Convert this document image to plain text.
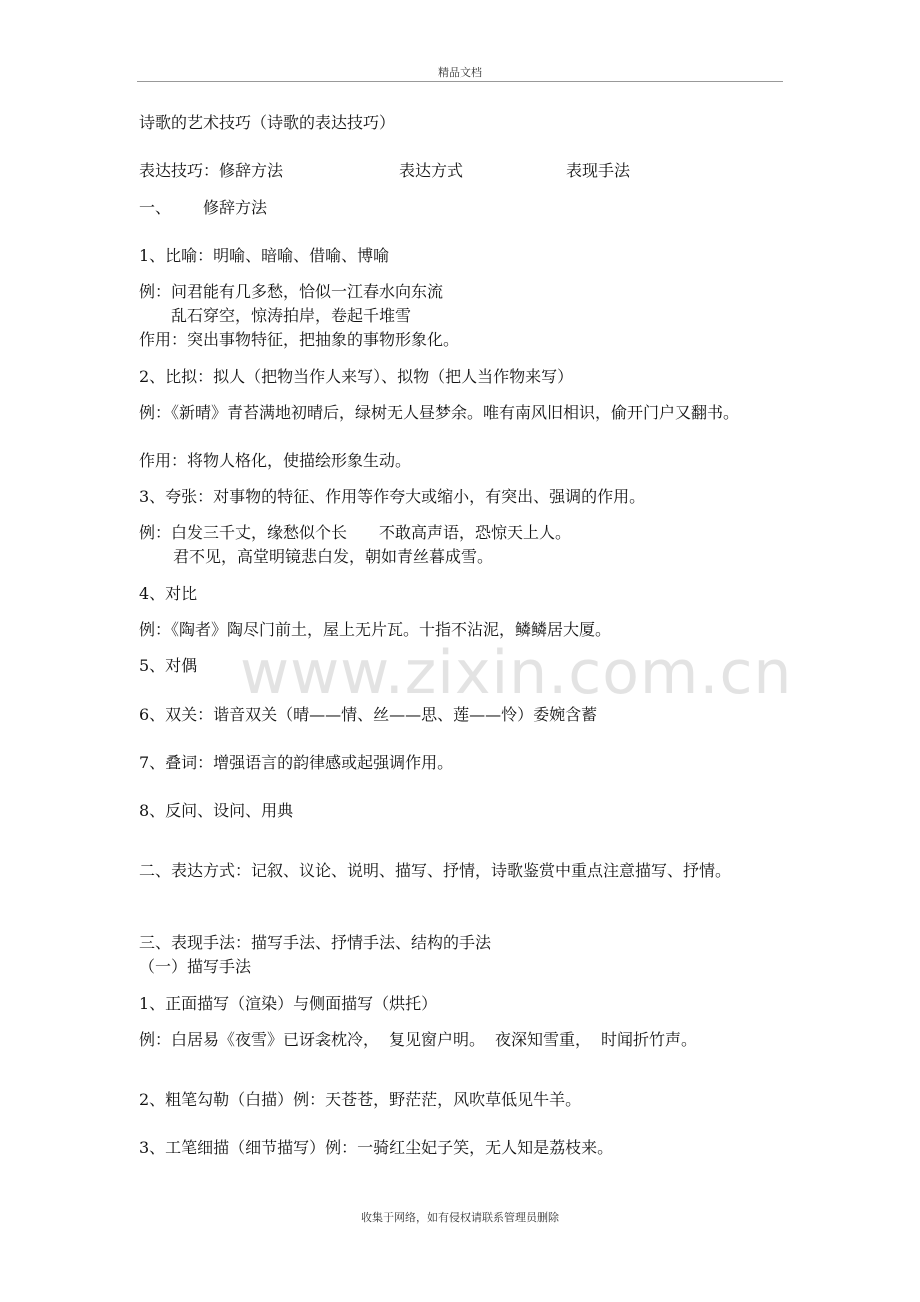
精品文档
www.zixin.com.cn
诗歌的艺术技巧（诗歌的表达技巧）
表达技巧：修辞方法	表达方式	表现手法
一、 修辞方法
1、比喻：明喻、暗喻、借喻、博喻
例：问君能有几多愁，恰似一江春水向东流
乱石穿空，惊涛拍岸，卷起千堆雪
作用：突出事物特征，把抽象的事物形象化。
2、比拟：拟人（把物当作人来写）、拟物（把人当作物来写）
例：《新晴》青苔满地初晴后，绿树无人昼梦余。唯有南风旧相识，偷开门户又翻书。
作用：将物人格化，使描绘形象生动。
3、夸张：对事物的特征、作用等作夸大或缩小，有突出、强调的作用。
例：白发三千丈，缘愁似个长 不敢高声语，恐惊天上人。
君不见，高堂明镜悲白发，朝如青丝暮成雪。
4、对比
例：《陶者》陶尽门前土，屋上无片瓦。十指不沾泥，鳞鳞居大厦。
5、对偶
6、双关：谐音双关（晴——情、丝——思、莲——怜）委婉含蓄
7、叠词：增强语言的韵律感或起强调作用。
8、反问、设问、用典
二、表达方式：记叙、议论、说明、描写、抒情，诗歌鉴赏中重点注意描写、抒情。
三、表现手法：描写手法、抒情手法、结构的手法
（一）描写手法
1、正面描写（渲染）与侧面描写（烘托）
例：白居易《夜雪》已讶衾枕冷， 复见窗户明。 夜深知雪重， 时闻折竹声。
2、粗笔勾勒（白描）例：天苍苍，野茫茫，风吹草低见牛羊。
3、工笔细描（细节描写）例：一骑红尘妃子笑，无人知是荔枝来。
收集于网络，如有侵权请联系管理员删除
